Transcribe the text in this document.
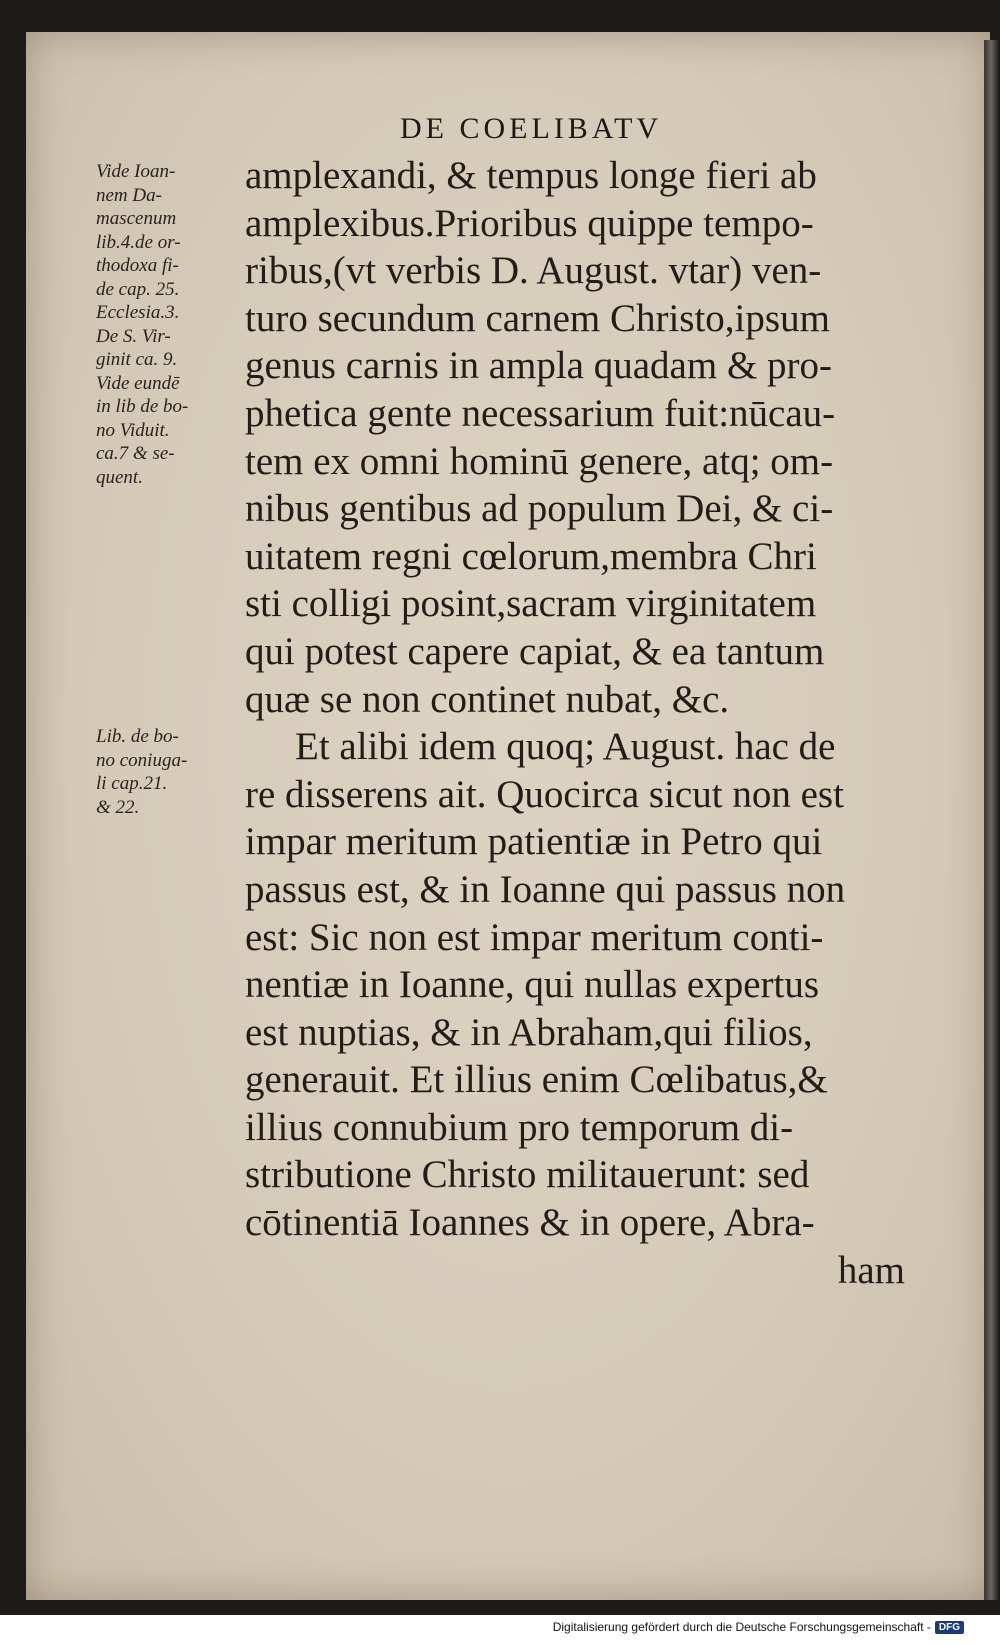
DE COELIBATV
Vide Ioan-
nem Da-
mascenum
lib.4.de or-
thodoxa fi-
de cap. 25.
Ecclesia.3.
De S. Vir-
ginit ca. 9.
Vide eundē
in lib de bo-
no Viduit.
ca.7 & se-
quent.
Lib. de bo-
no coniuga-
li cap.21.
& 22.
amplexandi, & tempus longe fieri ab
amplexibus.Prioribus quippe tempo-
ribus,(vt verbis D. August. vtar) ven-
turo secundum carnem Christo,ipsum
genus carnis in ampla quadam & pro-
phetica gente necessarium fuit:nūcau-
tem ex omni hominū genere, atq; om-
nibus gentibus ad populum Dei, & ci-
uitatem regni cœlorum,membra Chri
sti colligi posint,sacram virginitatem
qui potest capere capiat, & ea tantum
quæ se non continet nubat, &c.
Et alibi idem quoq; August. hac de
re disserens ait. Quocirca sicut non est
impar meritum patientiæ in Petro qui
passus est, & in Ioanne qui passus non
est: Sic non est impar meritum conti-
nentiæ in Ioanne, qui nullas expertus
est nuptias, & in Abraham,qui filios,
generauit. Et illius enim Cœlibatus,&
illius connubium pro temporum di-
stributione Christo militauerunt: sed
cōtinentiā Ioannes & in opere, Abra-
ham
Digitalisierung gefördert durch die Deutsche Forschungsgemeinschaft - DFG
